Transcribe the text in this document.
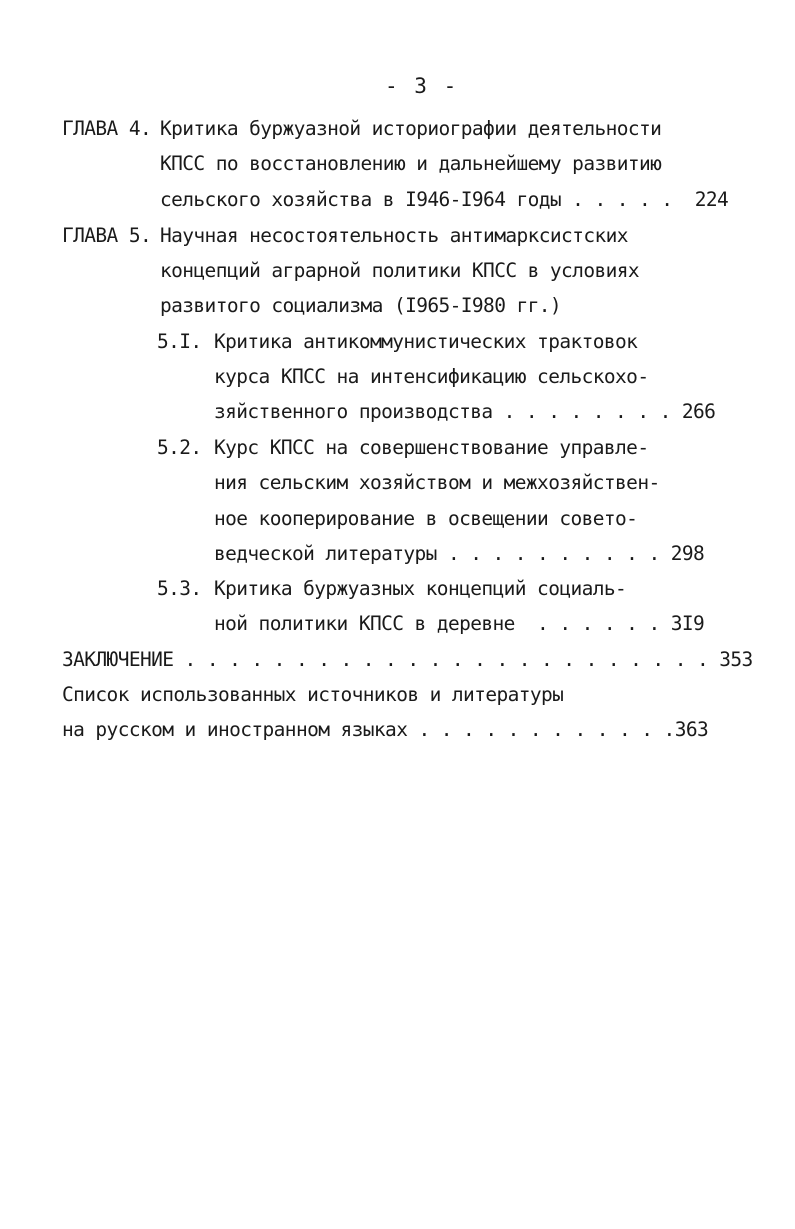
- 3 -
ГЛАВА 4. Критика буржуазной историографии деятельности
КПСС по восстановлению и дальнейшему развитию
сельского хозяйства в I946-I964 годы . . . . .  224
ГЛАВА 5. Научная несостоятельность антимарксистских
концепций аграрной политики КПСС в условиях
развитого социализма (I965-I980 гг.)
5.I. Критика антикоммунистических трактовок
курса КПСС на интенсификацию сельскохо-
зяйственного производства . . . . . . . . 266
5.2. Курс КПСС на совершенствование управле-
ния сельским хозяйством и межхозяйствен-
ное кооперирование в освещении советo-
ведческой литературы . . . . . . . . . . 298
5.3. Критика буржуазных концепций социаль-
ной политики КПСС в деревне  . . . . . . 3I9
ЗАКЛЮЧЕНИЕ . . . . . . . . . . . . . . . . . . . . . . . . 353
Список использованных источников и литературы
на русском и иностранном языках . . . . . . . . . . . .363
